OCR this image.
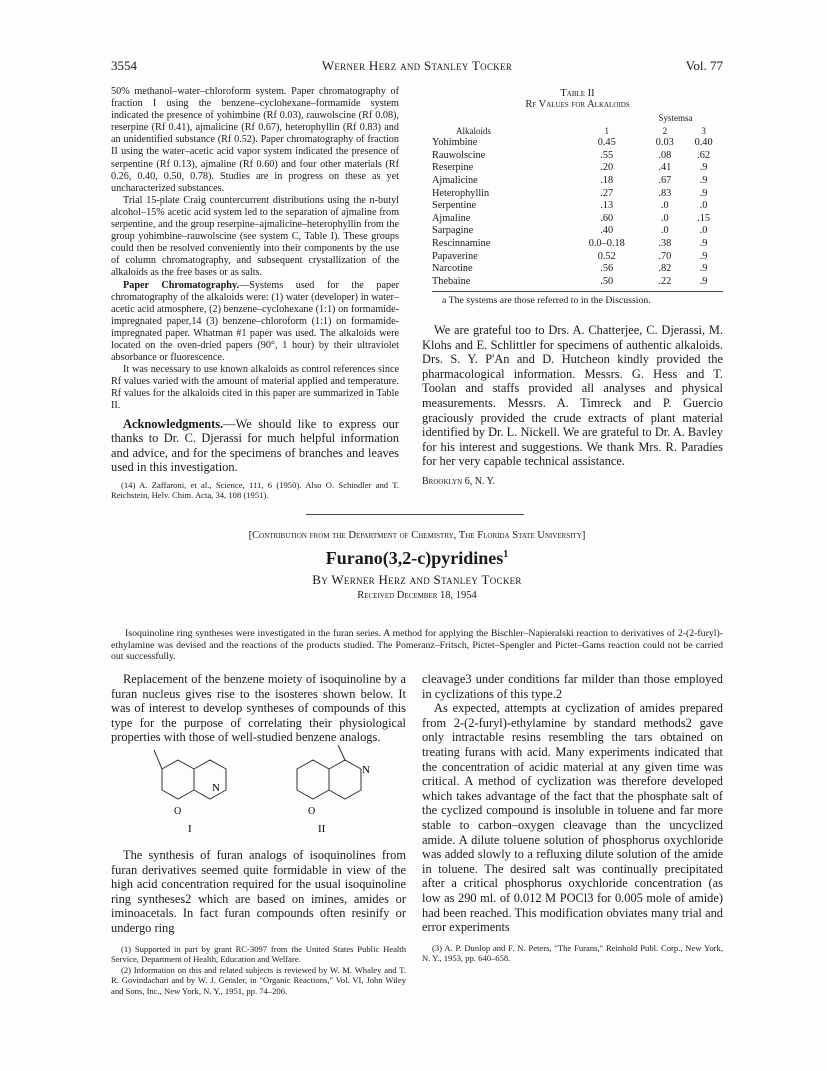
3554	Werner Herz and Stanley Tocker	Vol. 77

50% methanol–water–chloroform system. Paper chromatography of fraction I using the benzene–cyclohexane–formamide system indicated the presence of yohimbine (Rf 0.03), rauwolscine (Rf 0.08), reserpine (Rf 0.41), ajmalicine (Rf 0.67), heterophyllin (Rf 0.83) and an unidentified substance (Rf 0.52). Paper chromatography of fraction II using the water–acetic acid vapor system indicated the presence of serpentine (Rf 0.13), ajmaline (Rf 0.60) and four other materials (Rf 0.26, 0.40, 0.50, 0.78). Studies are in progress on these as yet uncharacterized substances.

Trial 15-plate Craig countercurrent distributions using the n-butyl alcohol–15% acetic acid system led to the separation of ajmaline from serpentine, and the group reserpine–ajmalicine–heterophyllin from the group yohimbine–rauwolscine (see system C, Table I). These groups could then be resolved conveniently into their components by the use of column chromatography, and subsequent crystallization of the alkaloids as the free bases or as salts.

Paper Chromatography.—Systems used for the paper chromatography of the alkaloids were: (1) water (developer) in water–acetic acid atmosphere, (2) benzene–cyclohexane (1:1) on formamide-impregnated paper,14 (3) benzene–chloroform (1:1) on formamide-impregnated paper. Whatman #1 paper was used. The alkaloids were located on the oven-dried papers (90°, 1 hour) by their ultraviolet absorbance or fluorescence.

It was necessary to use known alkaloids as control references since Rf values varied with the amount of material applied and temperature. Rf values for the alkaloids cited in this paper are summarized in Table II.

Acknowledgments.—We should like to express our thanks to Dr. C. Djerassi for much helpful information and advice, and for the specimens of branches and leaves used in this investigation.

(14) A. Zaffaroni, et al., Science, 111, 6 (1950). Also O. Schindler and T. Reichstein, Helv. Chim. Acta, 34, 108 (1951).

Table II
Rf Values for Alkaloids
	Systemsa		
Alkaloids	1	2	3
Yohimbine	0.45	0.03	0.40
Rauwolscine	.55	.08	.62
Reserpine	.20	.41	.9
Ajmalicine	.18	.67	.9
Heterophyllin	.27	.83	.9
Serpentine	.13	.0	.0
Ajmaline	.60	.0	.15
Sarpagine	.40	.0	.0
Rescinnamine	0.0–0.18	.38	.9
Papaverine	0.52	.70	.9
Narcotine	.56	.82	.9
Thebaine	.50	.22	.9
a The systems are those referred to in the Discussion.

We are grateful too to Drs. A. Chatterjee, C. Djerassi, M. Klohs and E. Schlittler for specimens of authentic alkaloids. Drs. S. Y. P'An and D. Hutcheon kindly provided the pharmacological information. Messrs. G. Hess and T. Toolan and staffs provided all analyses and physical measurements. Messrs. A. Timreck and P. Guercio graciously provided the crude extracts of plant material identified by Dr. L. Nickell. We are grateful to Dr. A. Bavley for his interest and suggestions. We thank Mrs. R. Paradies for her very capable technical assistance.

Brooklyn 6, N. Y.
[Contribution from the Department of Chemistry, The Florida State University]
Furano(3,2-c)pyridines$^1$
By Werner Herz and Stanley Tocker
Received December 18, 1954
Isoquinoline ring syntheses were investigated in the furan series. A method for applying the Bischler–Napieralski reaction to derivatives of 2-(2-furyl)-ethylamine was devised and the reactions of the products studied. The Pomeranz–Fritsch, Pictet–Spengler and Pictet–Gams reaction could not be carried out successfully.

Replacement of the benzene moiety of isoquinoline by a furan nucleus gives rise to the isosteres shown below. It was of interest to develop syntheses of compounds of this type for the purpose of correlating their physiological properties with those of well-studied benzene analogs.

N
O
I
N
O
II

The synthesis of furan analogs of isoquinolines from furan derivatives seemed quite formidable in view of the high acid concentration required for the usual isoquinoline ring syntheses2 which are based on imines, amides or iminoacetals. In fact furan compounds often resinify or undergo ring

(1) Supported in part by grant RC-3097 from the United States Public Health Service, Department of Health, Education and Welfare.

(2) Information on this and related subjects is reviewed by W. M. Whaley and T. R. Govindachari and by W. J. Gensler, in "Organic Reactions," Vol. VI, John Wiley and Sons, Inc., New York, N. Y., 1951, pp. 74–206.

cleavage3 under conditions far milder than those employed in cyclizations of this type.2

As expected, attempts at cyclization of amides prepared from 2-(2-furyl)-ethylamine by standard methods2 gave only intractable resins resembling the tars obtained on treating furans with acid. Many experiments indicated that the concentration of acidic material at any given time was critical. A method of cyclization was therefore developed which takes advantage of the fact that the phosphate salt of the cyclized compound is insoluble in toluene and far more stable to carbon–oxygen cleavage than the uncyclized amide. A dilute toluene solution of phosphorus oxychloride was added slowly to a refluxing dilute solution of the amide in toluene. The desired salt was continually precipitated after a critical phosphorus oxychloride concentration (as low as 290 ml. of 0.012 M POCl3 for 0.005 mole of amide) had been reached. This modification obviates many trial and error experiments

(3) A. P. Dunlop and F. N. Peters, "The Furans," Reinhold Publ. Corp., New York, N. Y., 1953, pp. 640–658.
